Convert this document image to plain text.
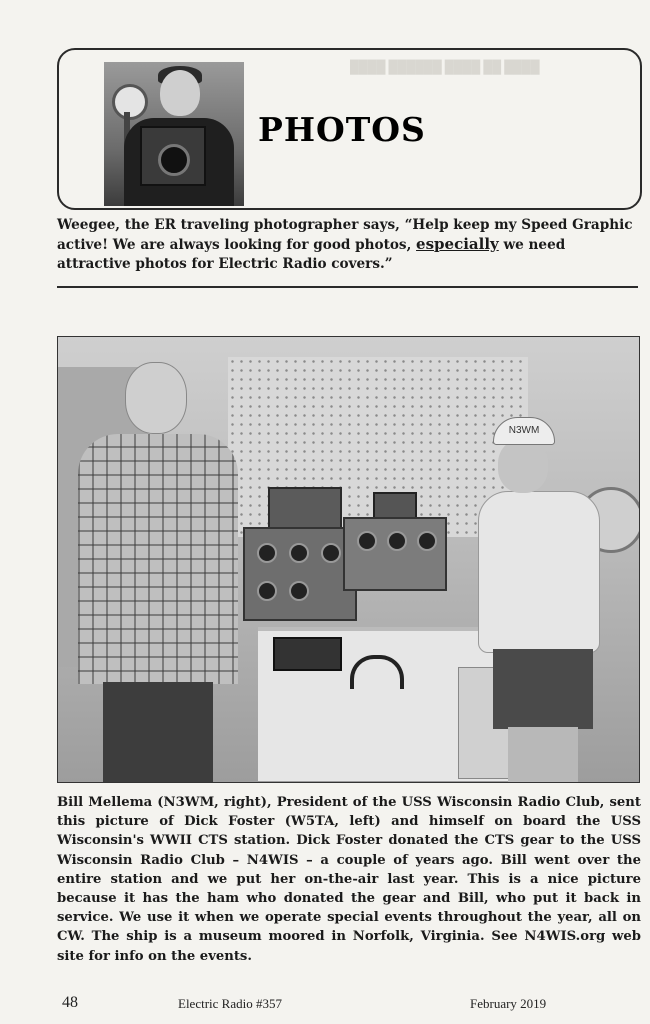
████ ██████ ████ ██ ████
PHOTOS
Weegee, the ER traveling photographer says, “Help keep my Speed Graphic active! We are always looking for good photos, especially we need attractive photos for Electric Radio covers.”
N3WM
Bill Mellema (N3WM, right), President of the USS Wisconsin Radio Club, sent this picture of Dick Foster (W5TA, left) and himself on board the USS Wisconsin's WWII CTS station. Dick Foster donated the CTS gear to the USS Wisconsin Radio Club – N4WIS – a couple of years ago. Bill went over the entire station and we put her on-the-air last year. This is a nice picture because it has the ham who donated the gear and Bill, who put it back in service. We use it when we operate special events throughout the year, all on CW. The ship is a museum moored in Norfolk, Virginia. See N4WIS.org web site for info on the events.
48	Electric Radio #357	February 2019
